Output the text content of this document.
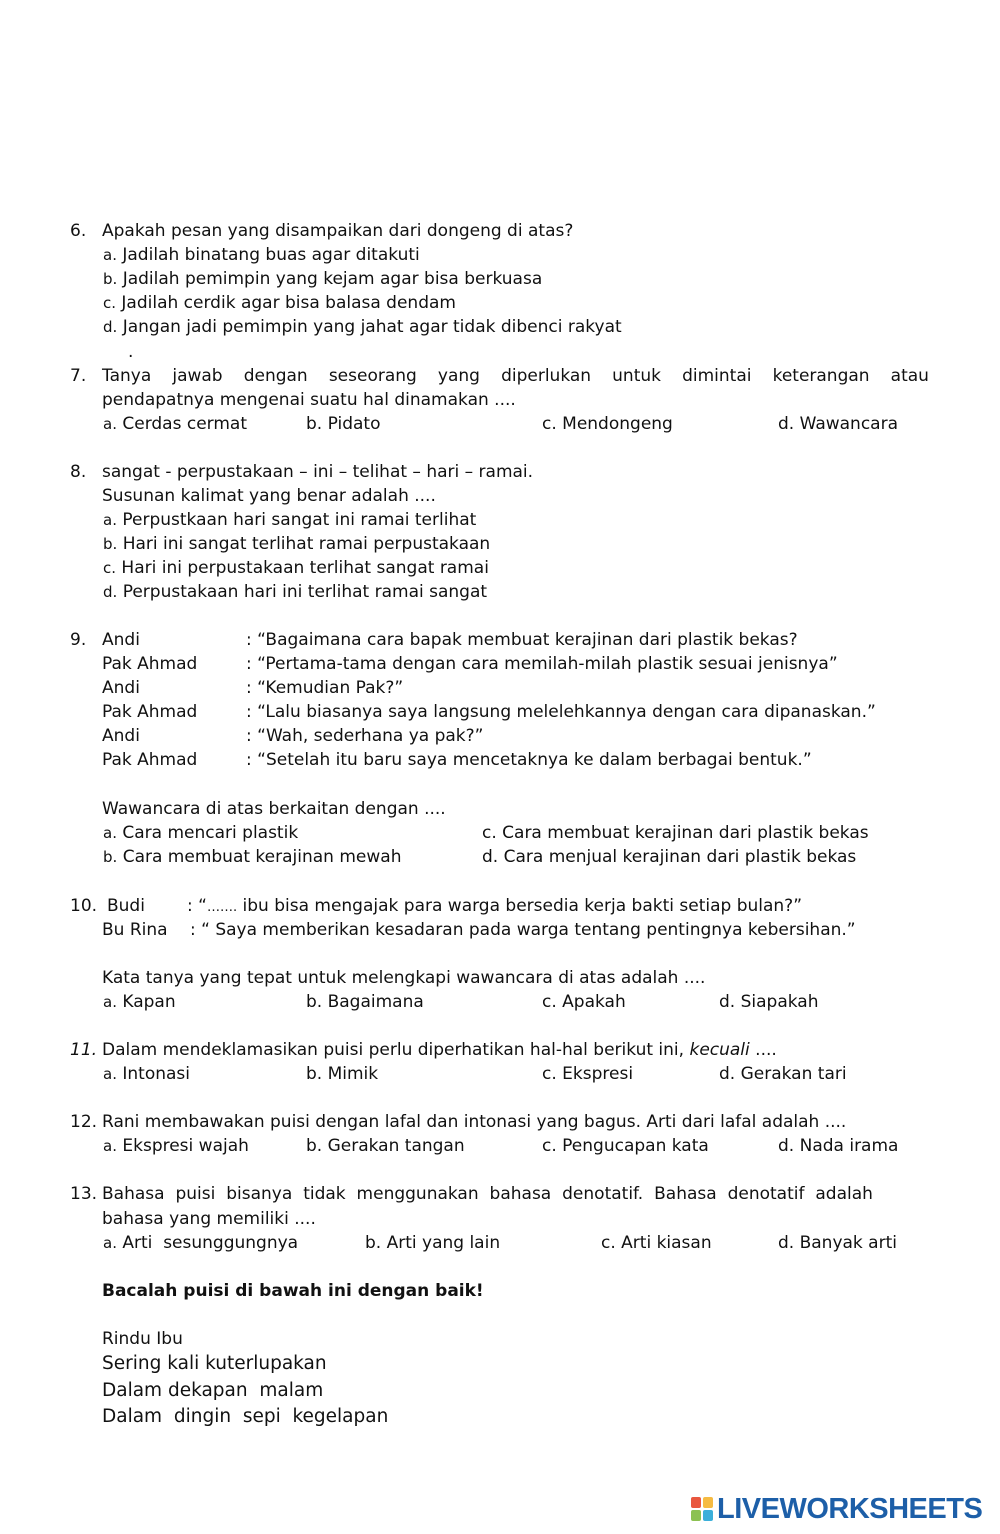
6. Apakah pesan yang disampaikan dari dongeng di atas?
a. Jadilah binatang buas agar ditakuti
b. Jadilah pemimpin yang kejam agar bisa berkuasa
c. Jadilah cerdik agar bisa balasa dendam
d. Jangan jadi pemimpin yang jahat agar tidak dibenci rakyat
.
7. Tanya jawab dengan seseorang yang diperlukan untuk dimintai keterangan atau
pendapatnya mengenai suatu hal dinamakan ....
a. Cerdas cermat	b. Pidato	c. Mendongeng	d. Wawancara
8. sangat - perpustakaan – ini – telihat – hari – ramai.
Susunan kalimat yang benar adalah ....
a. Perpustkaan hari sangat ini ramai terlihat
b. Hari ini sangat terlihat ramai perpustakaan
c. Hari ini perpustakaan terlihat sangat ramai
d. Perpustakaan hari ini terlihat ramai sangat
9. Andi	: “Bagaimana cara bapak membuat kerajinan dari plastik bekas?
Pak Ahmad	: “Pertama-tama dengan cara memilah-milah plastik sesuai jenisnya”
Andi	: “Kemudian Pak?”
Pak Ahmad	: “Lalu biasanya saya langsung melelehkannya dengan cara dipanaskan.”
Andi	: “Wah, sederhana ya pak?”
Pak Ahmad	: “Setelah itu baru saya mencetaknya ke dalam berbagai bentuk.”
Wawancara di atas berkaitan dengan ....
a. Cara mencari plastik	c. Cara membuat kerajinan dari plastik bekas
b. Cara membuat kerajinan mewah	d. Cara menjual kerajinan dari plastik bekas
10. Budi : “……. ibu bisa mengajak para warga bersedia kerja bakti setiap bulan?”
Bu Rina : “ Saya memberikan kesadaran pada warga tentang pentingnya kebersihan.”
Kata tanya yang tepat untuk melengkapi wawancara di atas adalah ....
a. Kapan	b. Bagaimana	c. Apakah	d. Siapakah
11. Dalam mendeklamasikan puisi perlu diperhatikan hal-hal berikut ini, kecuali ....
a. Intonasi	b. Mimik	c. Ekspresi	d. Gerakan tari
12. Rani membawakan puisi dengan lafal dan intonasi yang bagus. Arti dari lafal adalah ....
a. Ekspresi wajah	b. Gerakan tangan	c. Pengucapan kata	d. Nada irama
13. Bahasa puisi bisanya tidak menggunakan bahasa denotatif. Bahasa denotatif adalah
bahasa yang memiliki ....
a. Arti  sesunggungnya	b. Arti yang lain	c. Arti kiasan	d. Banyak arti
Bacalah puisi di bawah ini dengan baik!
Rindu Ibu
Sering kali kuterlupakan
Dalam dekapan  malam
Dalam  dingin  sepi  kegelapan
LIVEWORKSHEETS
